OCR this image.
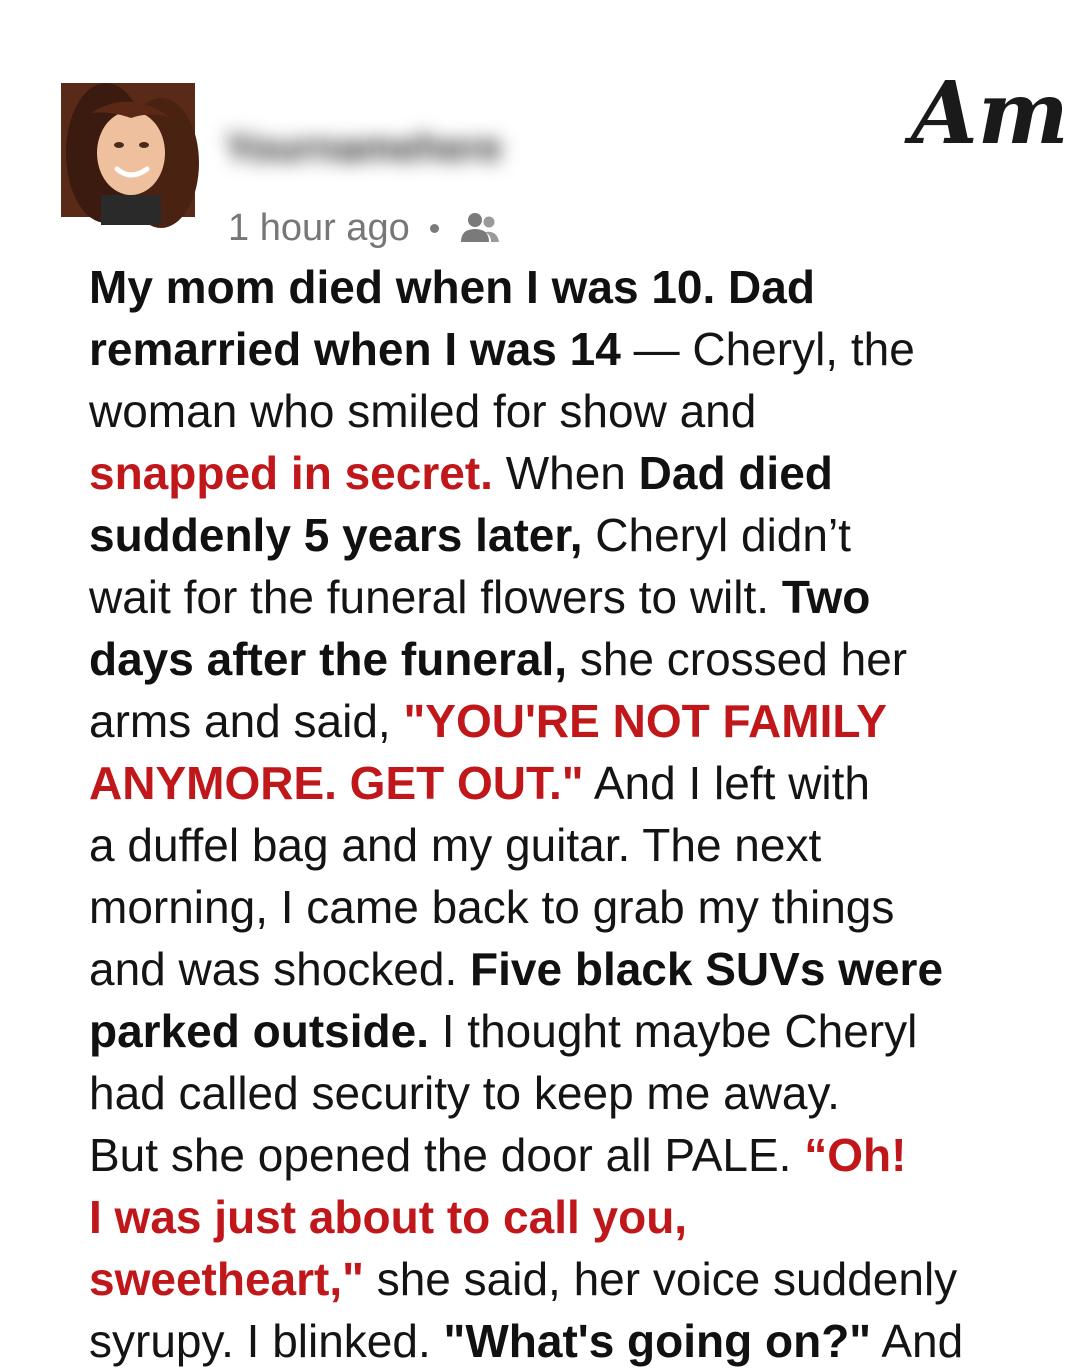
Yournamehere	Am
1 hour ago
My mom died when I was 10. Dad
remarried when I was 14 — Cheryl, the
woman who smiled for show and
snapped in secret. When Dad died
suddenly 5 years later, Cheryl didn’t
wait for the funeral flowers to wilt. Two
days after the funeral, she crossed her
arms and said, "YOU'RE NOT FAMILY
ANYMORE. GET OUT." And I left with
a duffel bag and my guitar. The next
morning, I came back to grab my things
and was shocked. Five black SUVs were
parked outside. I thought maybe Cheryl
had called security to keep me away.
But she opened the door all PALE. “Oh!
I was just about to call you,
sweetheart," she said, her voice suddenly
syrupy. I blinked. "What's going on?" And
